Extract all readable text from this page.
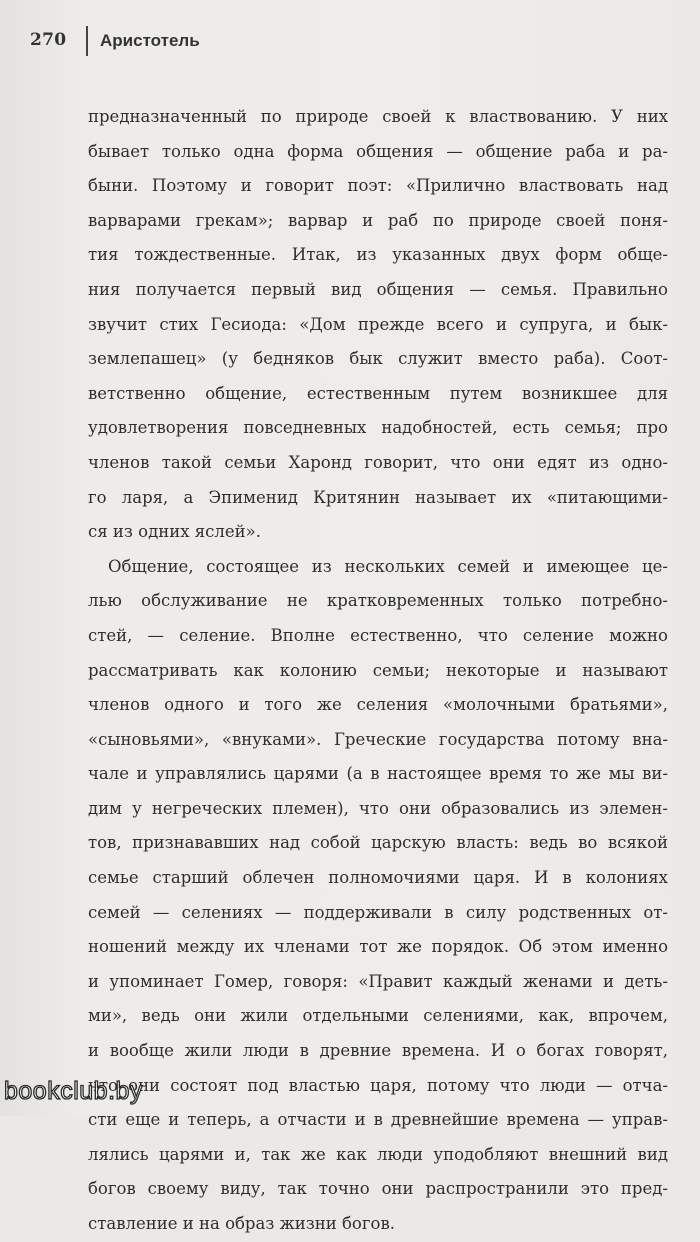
270 Аристотель
предназначенный по природе своей к властвованию. У них
бывает только одна форма общения — общение раба и ра-
быни. Поэтому и говорит поэт: «Прилично властвовать над
варварами грекам»; варвар и раб по природе своей поня-
тия тождественные. Итак, из указанных двух форм обще-
ния получается первый вид общения — семья. Правильно
звучит стих Гесиода: «Дом прежде всего и супруга, и бык-
землепашец» (у бедняков бык служит вместо раба). Соот-
ветственно общение, естественным путем возникшее для
удовлетворения повседневных надобностей, есть семья; про
членов такой семьи Харонд говорит, что они едят из одно-
го ларя, а Эпименид Критянин называет их «питающими-
ся из одних яслей».
Общение, состоящее из нескольких семей и имеющее це-
лью обслуживание не кратковременных только потребно-
стей, — селение. Вполне естественно, что селение можно
рассматривать как колонию семьи; некоторые и называют
членов одного и того же селения «молочными братьями»,
«сыновьями», «внуками». Греческие государства потому вна-
чале и управлялись царями (а в настоящее время то же мы ви-
дим у негреческих племен), что они образовались из элемен-
тов, признававших над собой царскую власть: ведь во всякой
семье старший облечен полномочиями царя. И в колониях
семей — селениях — поддерживали в силу родственных от-
ношений между их членами тот же порядок. Об этом именно
и упоминает Гомер, говоря: «Правит каждый женами и деть-
ми», ведь они жили отдельными селениями, как, впрочем,
и вообще жили люди в древние времена. И о богах говорят,
что они состоят под властью царя, потому что люди — отча-
сти еще и теперь, а отчасти и в древнейшие времена — управ-
лялись царями и, так же как люди уподобляют внешний вид
богов своему виду, так точно они распространили это пред-
ставление и на образ жизни богов.
bookclub.by
